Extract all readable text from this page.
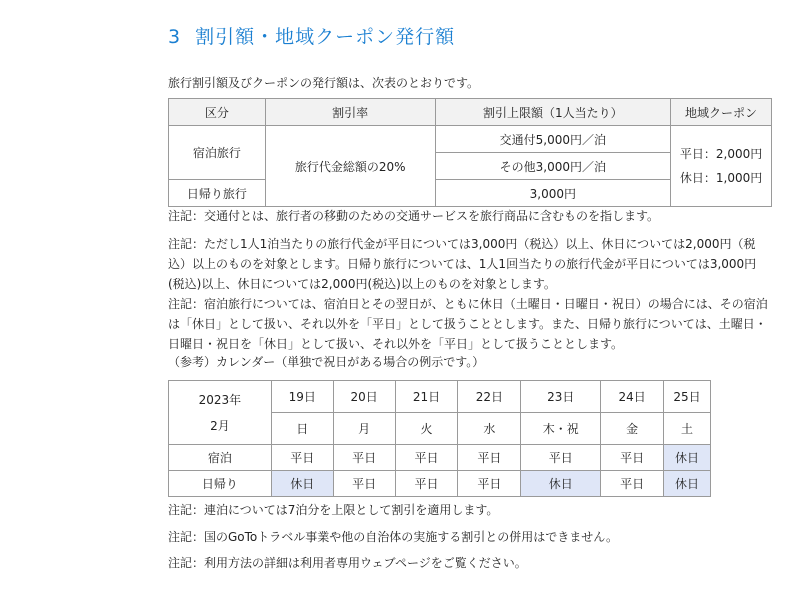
3 割引額・地域クーポン発行額
旅行割引額及びクーポンの発行額は、次表のとおりです。
区分	割引率	割引上限額（1人当たり）	地域クーポン
宿泊旅行	旅行代金総額の20%	交通付5,000円／泊	平日：2,000円
休日：1,000円

		その他3,000円／泊	
日帰り旅行		3,000円	

注記：交通付とは、旅行者の移動のための交通サービスを旅行商品に含むものを指します。

注記：ただし1人1泊当たりの旅行代金が平日については3,000円（税込）以上、休日については2,000円（税込）以上のものを対象とします。日帰り旅行については、1人1回当たりの旅行代金が平日については3,000円(税込)以上、休日については2,000円(税込)以上のものを対象とします。

注記：宿泊旅行については、宿泊日とその翌日が、ともに休日（土曜日・日曜日・祝日）の場合には、その宿泊は「休日」として扱い、それ以外を「平日」として扱うこととします。また、日帰り旅行については、土曜日・日曜日・祝日を「休日」として扱い、それ以外を「平日」として扱うこととします。

（参考）カレンダー（単独で祝日がある場合の例示です。）

2023年
2月	19日	20日	21日	22日	23日	24日	25日
	日	月	火	水	木・祝	金	土
宿泊	平日	平日	平日	平日	平日	平日	休日
日帰り	休日	平日	平日	平日	休日	平日	休日

注記：連泊については7泊分を上限として割引を適用します。

注記：国のGoToトラベル事業や他の自治体の実施する割引との併用はできません。

注記：利用方法の詳細は利用者専用ウェブページをご覧ください。
